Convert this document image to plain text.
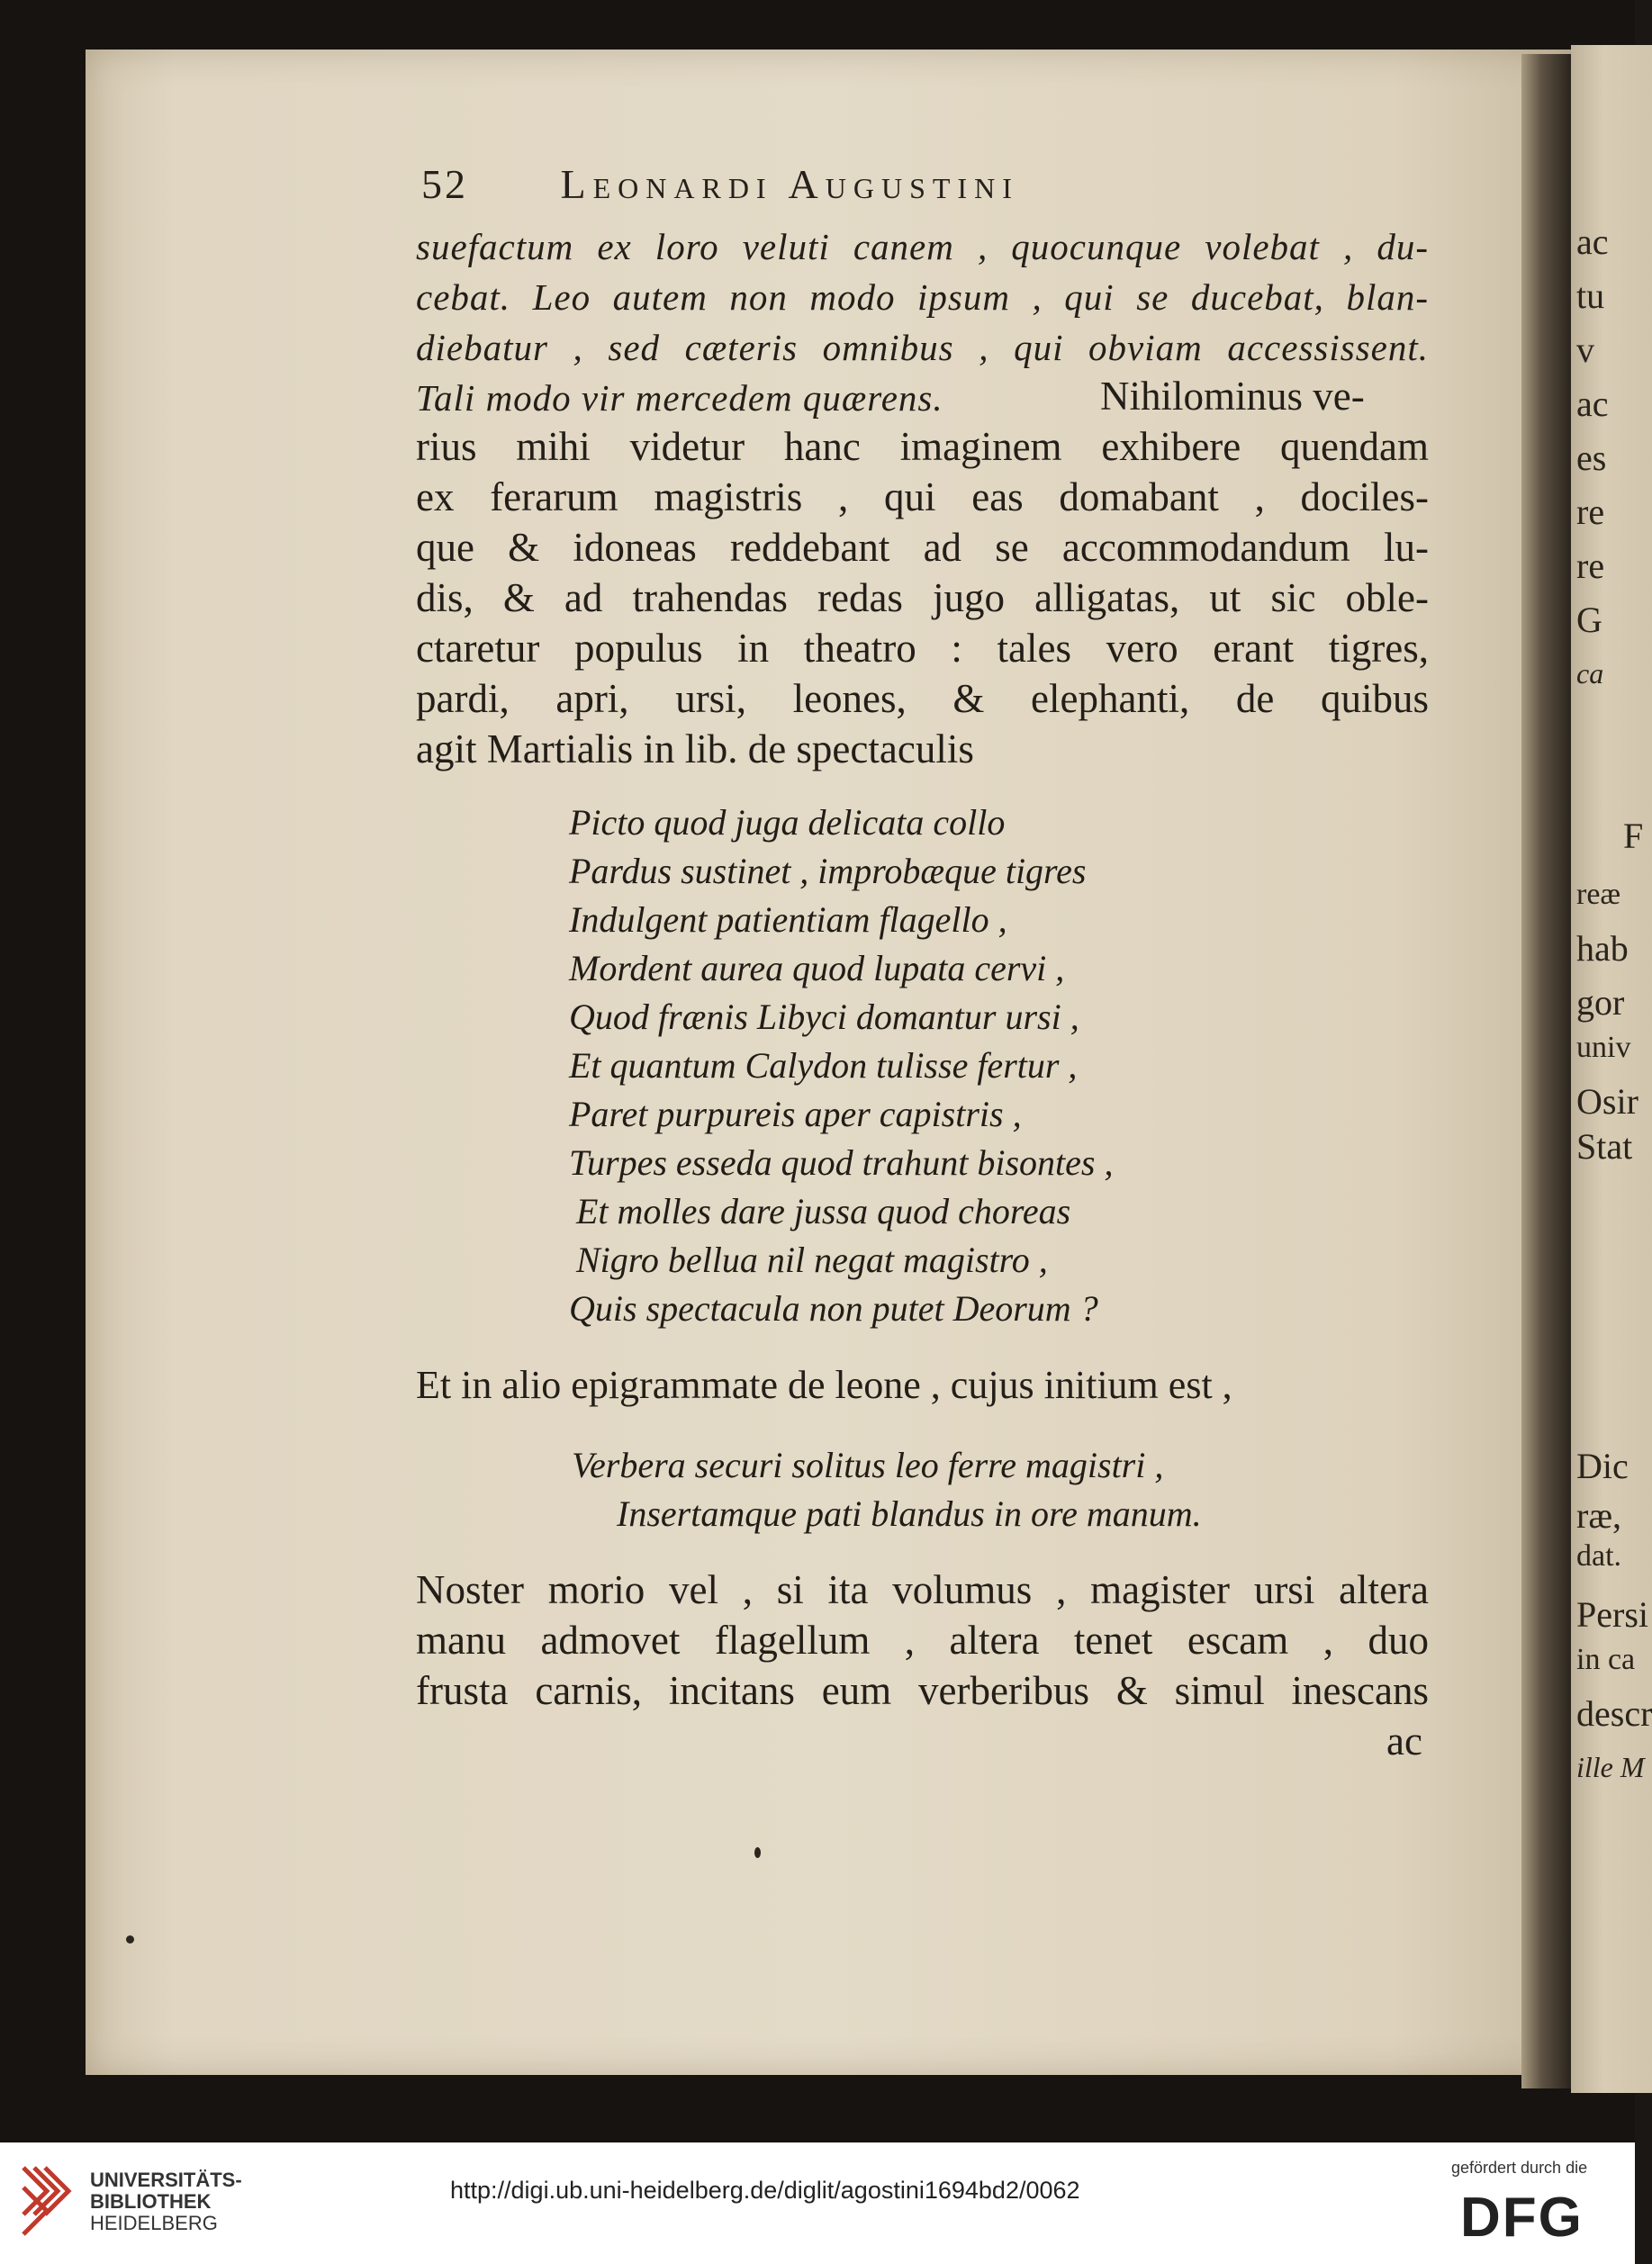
ac
tu
v
ac
es
re
re
G
ca
F
reæ
hab
gor
univ
Osir
Stat
Dic
ræ,
dat.
Persi
in ca
descr
ille M
52 Leonardi Augustini
suefactum ex loro veluti canem , quocunque volebat , du-
cebat. Leo autem non modo ipsum , qui se ducebat, blan-
diebatur , sed cæteris omnibus , qui obviam accessissent.
Tali modo vir mercedem quærens.	Nihilominus ve-
rius mihi videtur hanc imaginem exhibere quendam
ex ferarum magistris , qui eas domabant , dociles-
que & idoneas reddebant ad se accommodandum lu-
dis, & ad trahendas redas jugo alligatas, ut sic oble-
ctaretur populus in theatro : tales vero erant tigres,
pardi, apri, ursi, leones, & elephanti, de quibus
agit Martialis in lib. de spectaculis
Picto quod juga delicata collo
Pardus sustinet , improbæque tigres
Indulgent patientiam flagello ,
Mordent aurea quod lupata cervi ,
Quod frænis Libyci domantur ursi ,
Et quantum Calydon tulisse fertur ,
Paret purpureis aper capistris ,
Turpes esseda quod trahunt bisontes ,
Et molles dare jussa quod choreas
Nigro bellua nil negat magistro ,
Quis spectacula non putet Deorum ?
Et in alio epigrammate de leone , cujus initium est ,
Verbera securi solitus leo ferre magistri ,
Insertamque pati blandus in ore manum.
Noster morio vel , si ita volumus , magister ursi altera
manu admovet flagellum , altera tenet escam , duo
frusta carnis, incitans eum verberibus & simul inescans
ac
UNIVERSITÄTS-
BIBLIOTHEK
HEIDELBERG
http://digi.ub.uni-heidelberg.de/diglit/agostini1694bd2/0062
gefördert durch die
DFG
